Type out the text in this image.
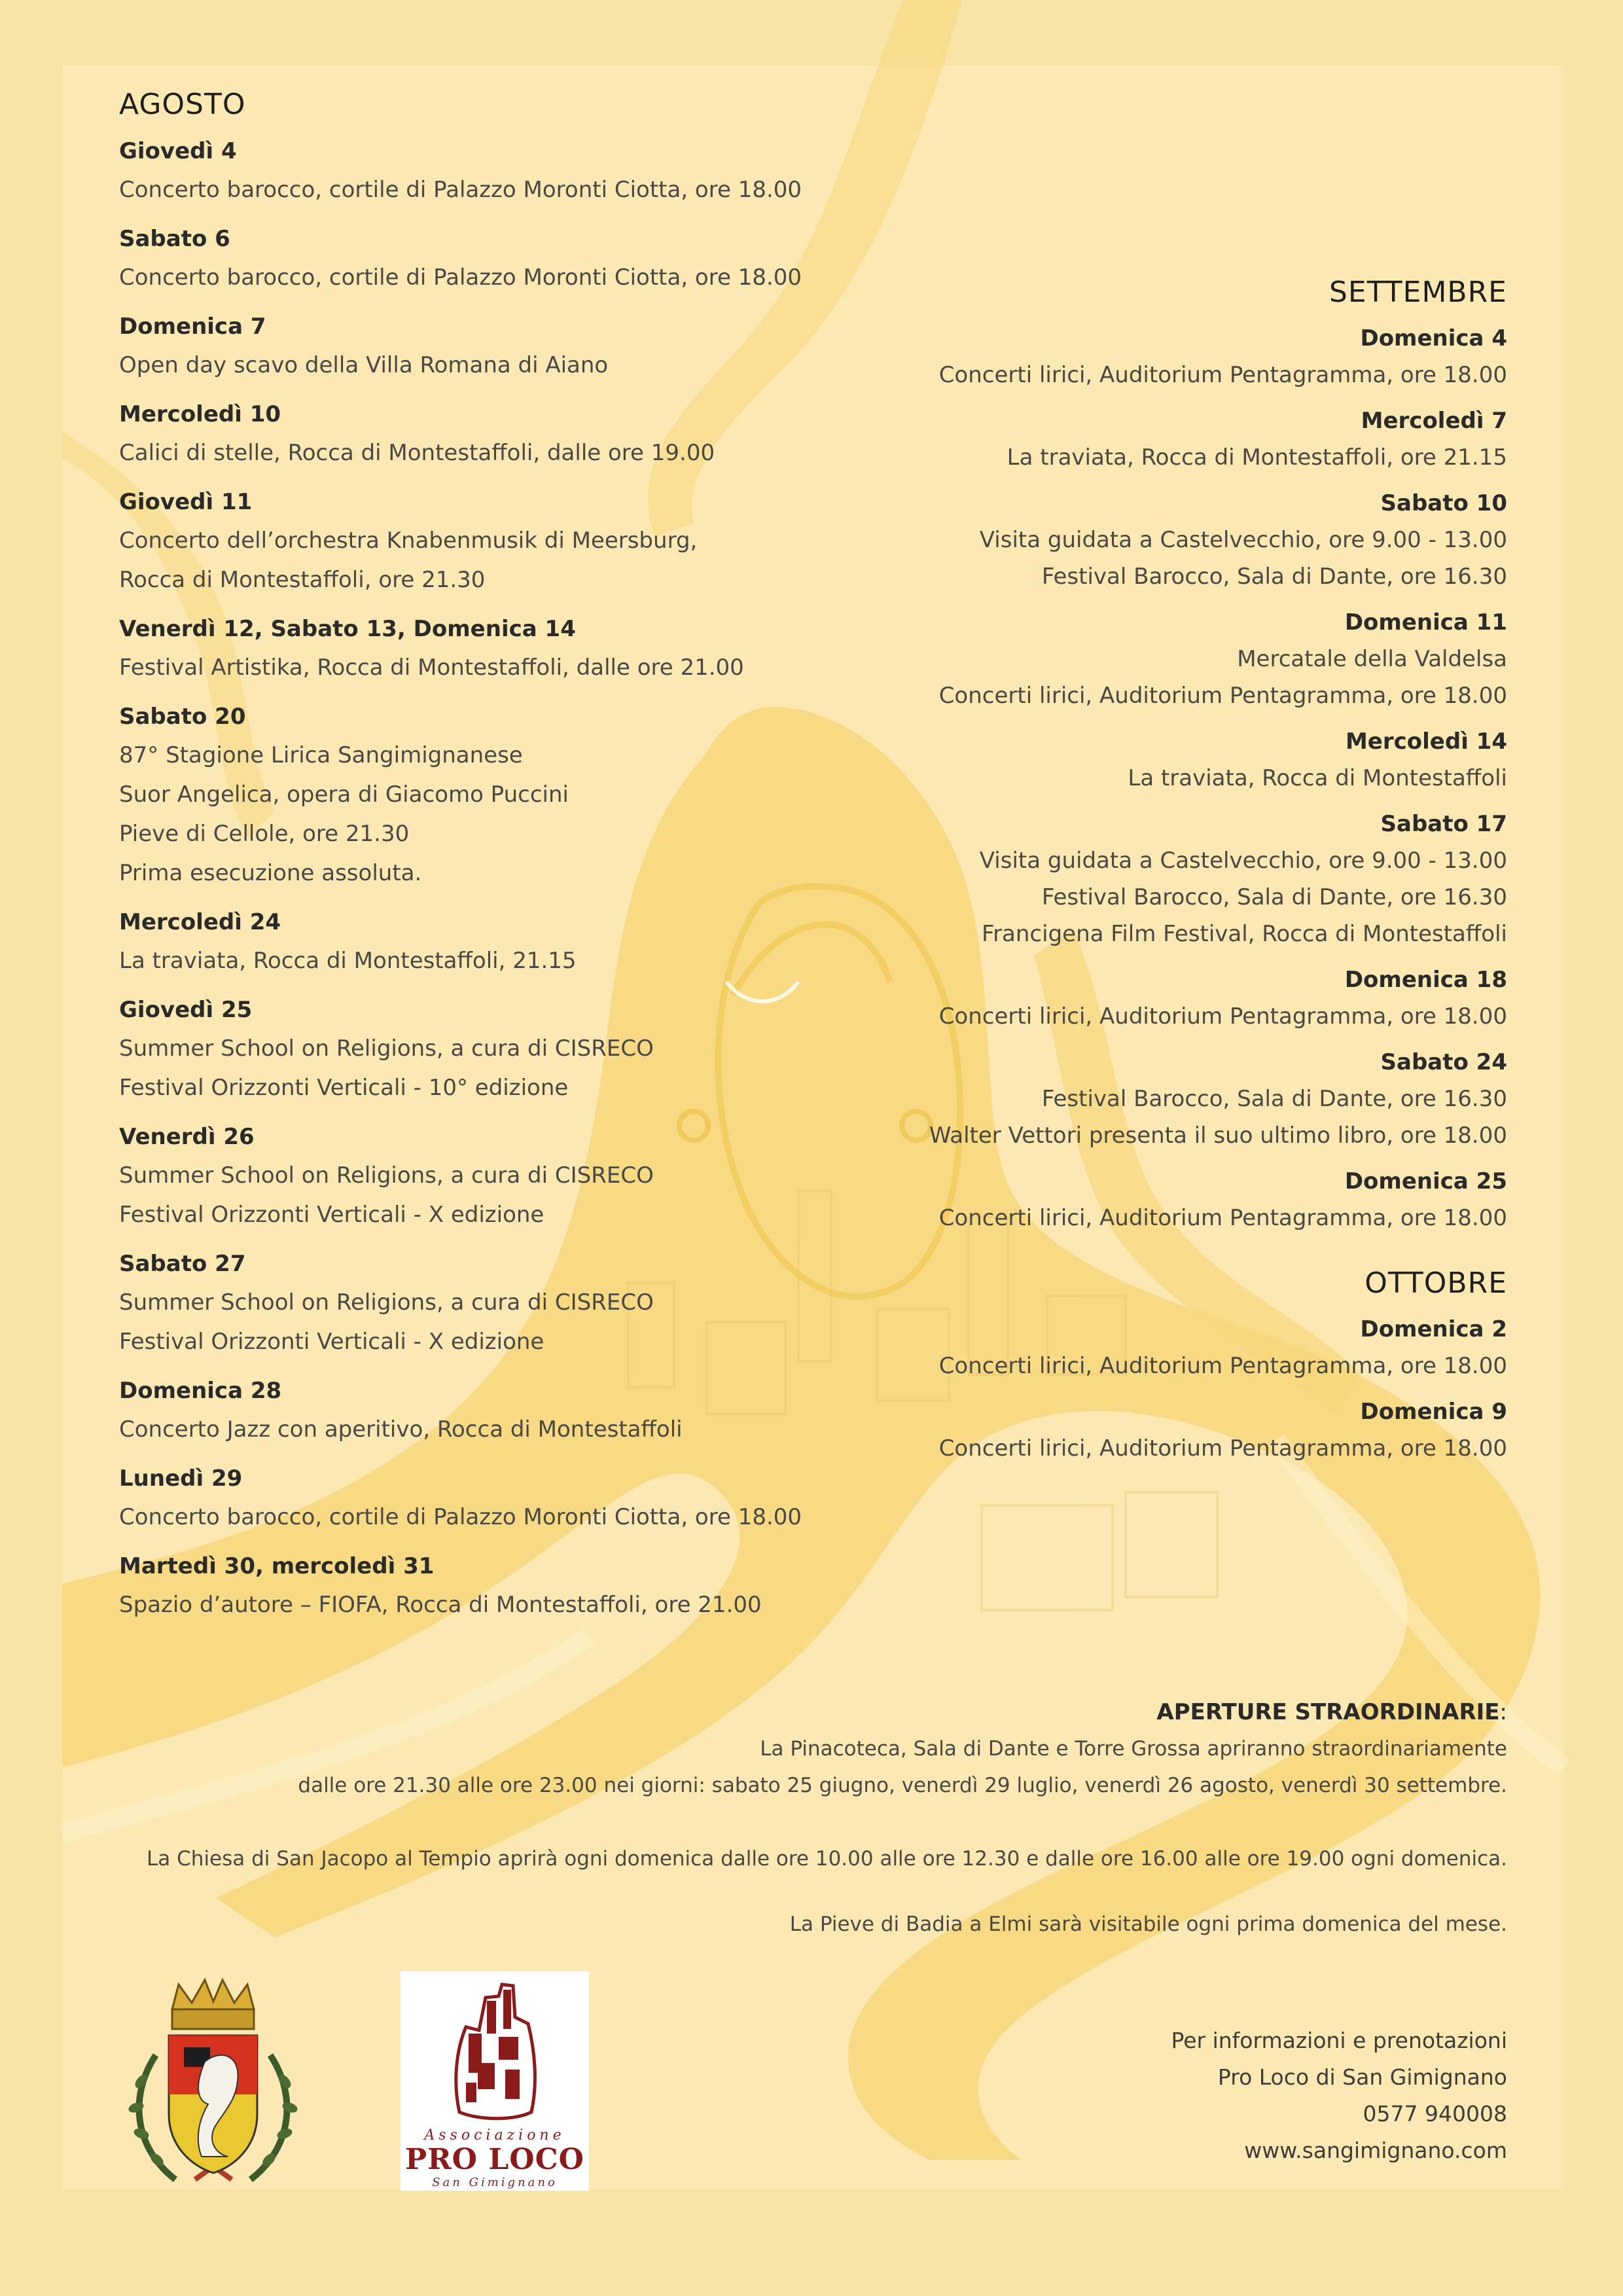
AGOSTO

Giovedì 4

Concerto barocco, cortile di Palazzo Moronti Ciotta, ore 18.00

Sabato 6

Concerto barocco, cortile di Palazzo Moronti Ciotta, ore 18.00

Domenica 7

Open day scavo della Villa Romana di Aiano

Mercoledì 10

Calici di stelle, Rocca di Montestaffoli, dalle ore 19.00

Giovedì 11

Concerto dell’orchestra Knabenmusik di Meersburg,

Rocca di Montestaffoli, ore 21.30

Venerdì 12, Sabato 13, Domenica 14

Festival Artistika, Rocca di Montestaffoli, dalle ore 21.00

Sabato 20

87° Stagione Lirica Sangimignanese

Suor Angelica, opera di Giacomo Puccini

Pieve di Cellole, ore 21.30

Prima esecuzione assoluta.

Mercoledì 24

La traviata, Rocca di Montestaffoli, 21.15

Giovedì 25

Summer School on Religions, a cura di CISRECO

Festival Orizzonti Verticali - 10° edizione

Venerdì 26

Summer School on Religions, a cura di CISRECO

Festival Orizzonti Verticali - X edizione

Sabato 27

Summer School on Religions, a cura di CISRECO

Festival Orizzonti Verticali - X edizione

Domenica 28

Concerto Jazz con aperitivo, Rocca di Montestaffoli

Lunedì 29

Concerto barocco, cortile di Palazzo Moronti Ciotta, ore 18.00

Martedì 30, mercoledì 31

Spazio d’autore – FIOFA, Rocca di Montestaffoli, ore 21.00

SETTEMBRE

Domenica 4

Concerti lirici, Auditorium Pentagramma, ore 18.00

Mercoledì 7

La traviata, Rocca di Montestaffoli, ore 21.15

Sabato 10

Visita guidata a Castelvecchio, ore 9.00 - 13.00

Festival Barocco, Sala di Dante, ore 16.30

Domenica 11

Mercatale della Valdelsa

Concerti lirici, Auditorium Pentagramma, ore 18.00

Mercoledì 14

La traviata, Rocca di Montestaffoli

Sabato 17

Visita guidata a Castelvecchio, ore 9.00 - 13.00

Festival Barocco, Sala di Dante, ore 16.30

Francigena Film Festival, Rocca di Montestaffoli

Domenica 18

Concerti lirici, Auditorium Pentagramma, ore 18.00

Sabato 24

Festival Barocco, Sala di Dante, ore 16.30

Walter Vettori presenta il suo ultimo libro, ore 18.00

Domenica 25

Concerti lirici, Auditorium Pentagramma, ore 18.00

OTTOBRE

Domenica 2

Concerti lirici, Auditorium Pentagramma, ore 18.00

Domenica 9

Concerti lirici, Auditorium Pentagramma, ore 18.00

APERTURE STRAORDINARIE:

La Pinacoteca, Sala di Dante e Torre Grossa apriranno straordinariamente

dalle ore 21.30 alle ore 23.00 nei giorni: sabato 25 giugno, venerdì 29 luglio, venerdì 26 agosto, venerdì 30 settembre.

La Chiesa di San Jacopo al Tempio aprirà ogni domenica dalle ore 10.00 alle ore 12.30 e dalle ore 16.00 alle ore 19.00 ogni domenica.

La Pieve di Badia a Elmi sarà visitabile ogni prima domenica del mese.

Associazione
PRO LOCO
San Gimignano

Per informazioni e prenotazioni

Pro Loco di San Gimignano

0577 940008

www.sangimignano.com
